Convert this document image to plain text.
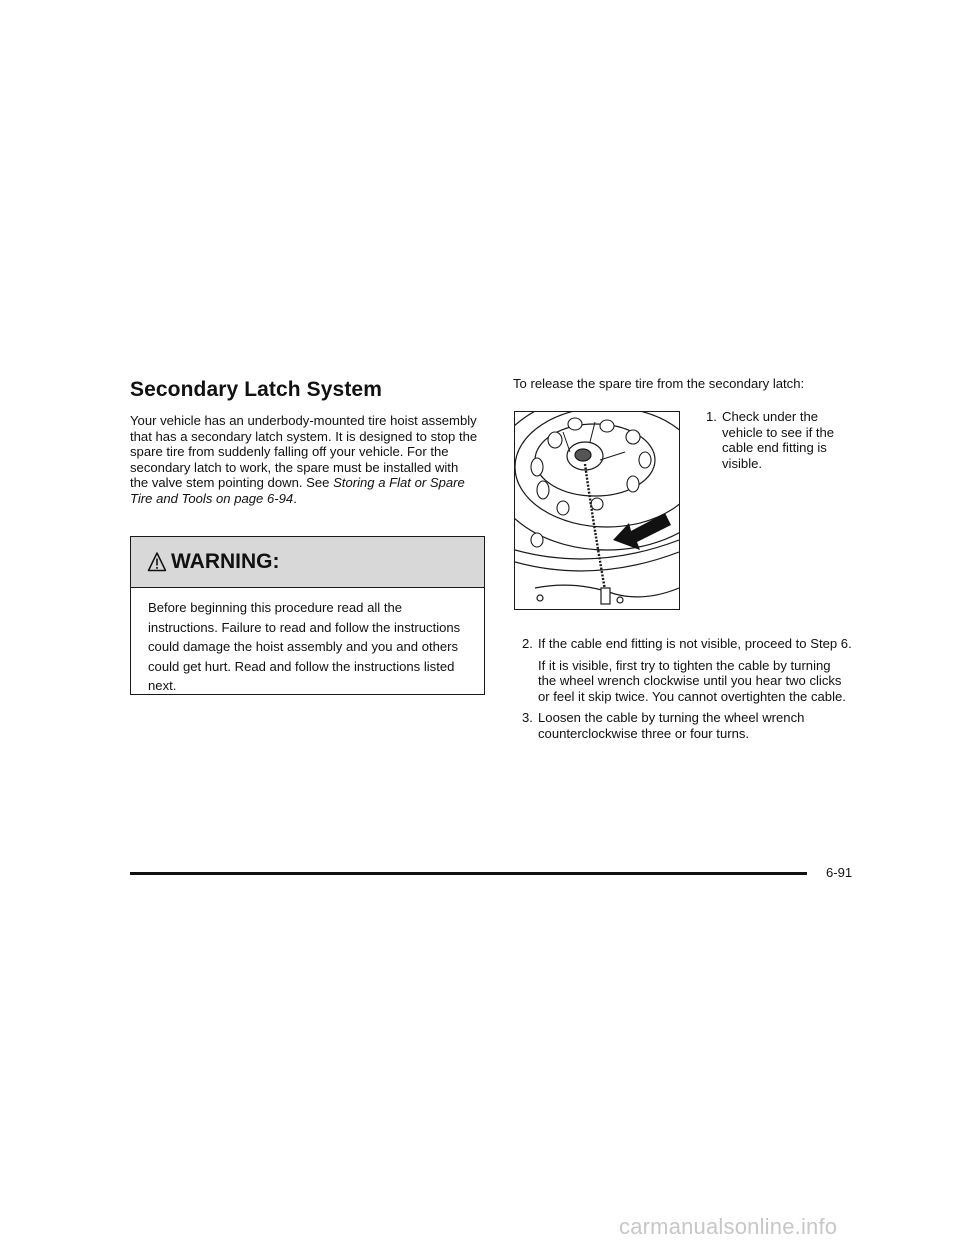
Secondary Latch System

Your vehicle has an underbody-mounted tire hoist assembly that has a secondary latch system. It is designed to stop the spare tire from suddenly falling off your vehicle. For the secondary latch to work, the spare must be installed with the valve stem pointing down. See Storing a Flat or Spare Tire and Tools on page 6-94.

WARNING:

Before beginning this procedure read all the instructions. Failure to read and follow the instructions could damage the hoist assembly and you and others could get hurt. Read and follow the instructions listed next.

To release the spare tire from the secondary latch:

1. Check under the vehicle to see if the cable end fitting is visible.
2. If the cable end fitting is not visible, proceed to Step 6.

If it is visible, first try to tighten the cable by turning the wheel wrench clockwise until you hear two clicks or feel it skip twice. You cannot overtighten the cable.

3. Loosen the cable by turning the wheel wrench counterclockwise three or four turns.
6-91
carmanualsonline.info
